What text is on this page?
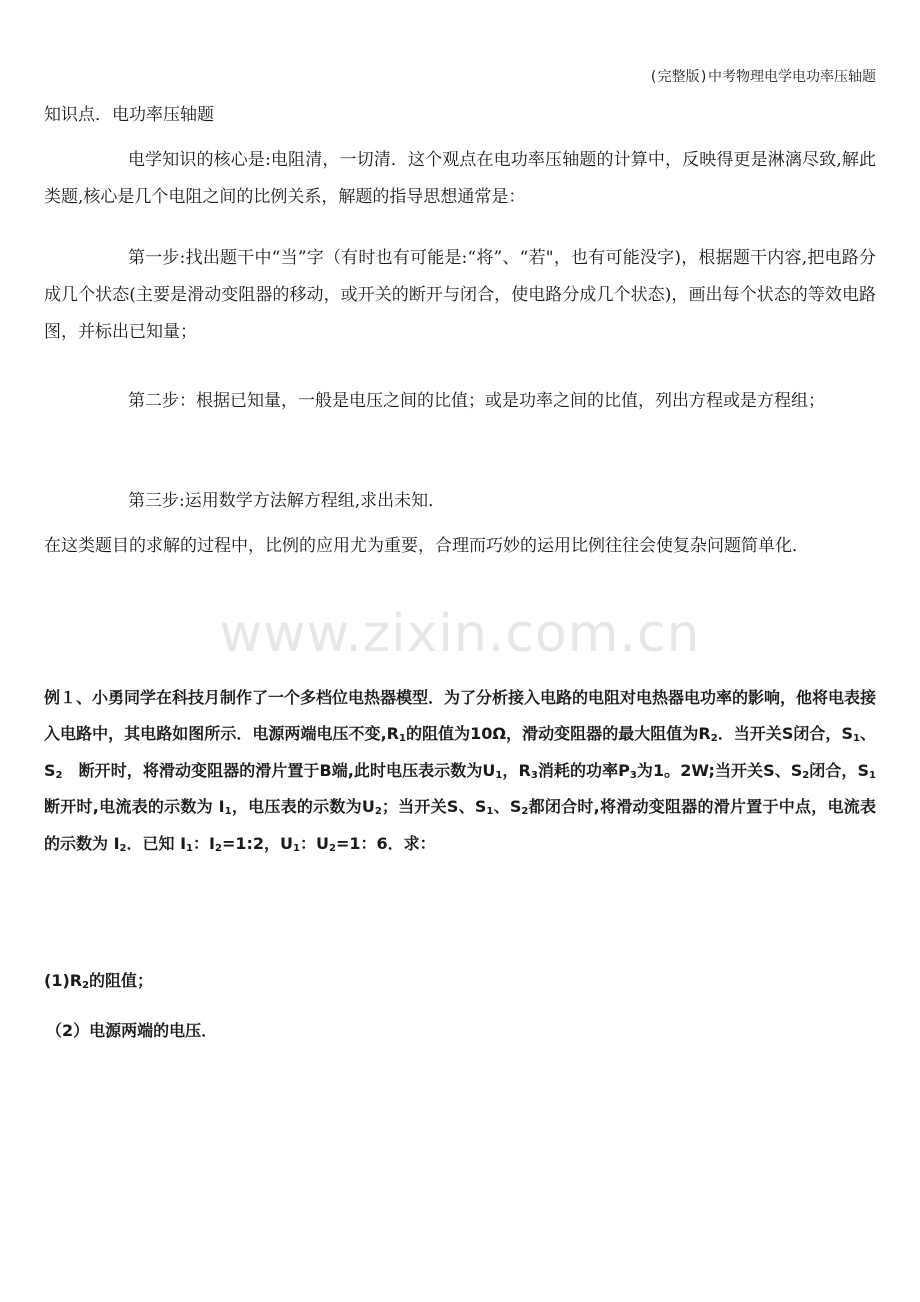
(完整版)中考物理电学电功率压轴题
知识点．电功率压轴题
电学知识的核心是:电阻清，一切清．这个观点在电功率压轴题的计算中，反映得更是淋漓尽致,解此类题,核心是几个电阻之间的比例关系，解题的指导思想通常是：
第一步:找出题干中“当”字（有时也有可能是:“将”、“若"，也有可能没字)，根据题干内容,把电路分成几个状态(主要是滑动变阻器的移动，或开关的断开与闭合，使电路分成几个状态)，画出每个状态的等效电路图，并标出已知量；
第二步：根据已知量，一般是电压之间的比值；或是功率之间的比值，列出方程或是方程组；
第三步:运用数学方法解方程组,求出未知．
在这类题目的求解的过程中，比例的应用尤为重要，合理而巧妙的运用比例往往会使复杂问题简单化．
www.zixin.com.cn
例１、小勇同学在科技月制作了一个多档位电热器模型．为了分析接入电路的电阻对电热器电功率的影响，他将电表接入电路中，其电路如图所示．电源两端电压不变$,R_1$的阻值为10Ω，滑动变阻器的最大阻值为$R_2$．当开关S闭合，$S_1$、$S_2$　断开时，将滑动变阻器的滑片置于B端,此时电压表示数为$U_1$，$R_3$消耗的功率$P_3$为1。2W;当开关S、$S_2$闭合，$S_1$断开时,电流表的示数为 $I_1$，电压表的示数为$U_2$；当开关S、$S_1$、$S_2$都闭合时,将滑动变阻器的滑片置于中点，电流表的示数为 $I_2$．已知 $I_1$：$I_2=1:2$，$U_1$：$U_2=1$：6．求：
$(1)R_2$的阻值；
（2）电源两端的电压．
